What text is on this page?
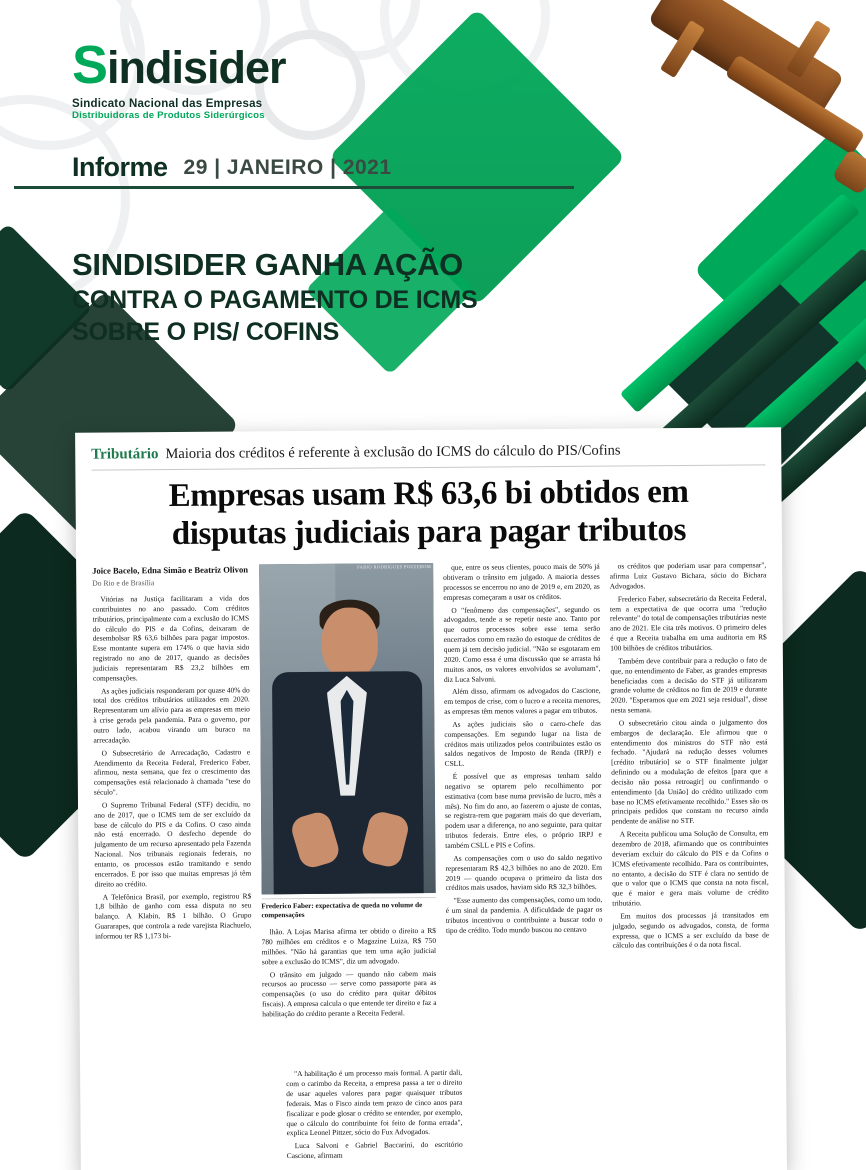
Sindisider
Sindicato Nacional das Empresas
Distribuidoras de Produtos Siderúrgicos
Informe 29 | JANEIRO | 2021
SINDISIDER GANHA AÇÃO
CONTRA O PAGAMENTO DE ICMS
SOBRE O PIS/ COFINS
Tributário Maioria dos créditos é referente à exclusão do ICMS do cálculo do PIS/Cofins
Empresas usam R$ 63,6 bi obtidos em
disputas judiciais para pagar tributos
Joice Bacelo, Edna Simão e Beatriz Olivon
Do Rio e de Brasília

Vitórias na Justiça facilitaram a vida dos contribuintes no ano passado. Com créditos tributários, principalmente com a exclusão do ICMS do cálculo do PIS e da Cofins, deixaram de desembolsar R$ 63,6 bilhões para pagar impostos. Esse montante supera em 174% o que havia sido registrado no ano de 2017, quando as decisões judiciais representaram R$ 23,2 bilhões em compensações.

As ações judiciais responderam por quase 40% do total dos créditos tributários utilizados em 2020. Representaram um alívio para as empresas em meio à crise gerada pela pandemia. Para o governo, por outro lado, acabou virando um buraco na arrecadação.

O Subsecretário de Arrecadação, Cadastro e Atendimento da Receita Federal, Frederico Faber, afirmou, nesta semana, que fez o crescimento das compensações está relacionado à chamada "tese do século".

O Supremo Tribunal Federal (STF) decidiu, no ano de 2017, que o ICMS tem de ser excluído da base de cálculo do PIS e da Cofins. O caso ainda não está encerrado. O desfecho depende do julgamento de um recurso apresentado pela Fazenda Nacional. Nos tribunais regionais federais, no entanto, os processos estão tramitando e sendo encerrados. E por isso que muitas empresas já têm direito ao crédito.

A Telefônica Brasil, por exemplo, registrou R$ 1,8 bilhão de ganho com essa disputa no seu balanço. A Klabin, R$ 1 bilhão. O Grupo Guararapes, que controla a rede varejista Riachuelo, informou ter R$ 1,173 bi-

FABIO RODRIGUES POZZEBOM
Frederico Faber: expectativa de queda no volume de compensações

lhão. A Lojas Marisa afirma ter obtido o direito a R$ 780 milhões em créditos e o Magazine Luiza, R$ 750 milhões. "Não há garantias que tem uma ação judicial sobre a exclusão do ICMS", diz um advogado.

O trânsito em julgado — quando não cabem mais recursos ao processo — serve como passaporte para as compensações (o uso do crédito para quitar débitos fiscais). A empresa calcula o que entende ter direito e faz a habilitação do crédito perante a Receita Federal.

que, entre os seus clientes, pouco mais de 50% já obtiveram o trânsito em julgado. A maioria desses processos se encerrou no ano de 2019 e, em 2020, as empresas começaram a usar os créditos.

O "fenômeno das compensações", segundo os advogados, tende a se repetir neste ano. Tanto por que outros processos sobre esse tema serão encerrados como em razão do estoque de créditos de quem já tem decisão judicial. "Não se esgotaram em 2020. Como essa é uma discussão que se arrasta há muitos anos, os valores envolvidos se avolumam", diz Luca Salvoni.

Além disso, afirmam os advogados do Cascione, em tempos de crise, com o lucro e a receita menores, as empresas têm menos valores a pagar em tributos.

As ações judiciais são o carro-chefe das compensações. Em segundo lugar na lista de créditos mais utilizados pelos contribuintes estão os saldos negativos de Imposto de Renda (IRPJ) e CSLL.

É possível que as empresas tenham saldo negativo se optarem pelo recolhimento por estimativa (com base numa previsão de lucro, mês a mês). No fim do ano, ao fazerem o ajuste de contas, se registra-rem que pagaram mais do que deveriam, podem usar a diferença, no ano seguinte, para quitar tributos federais. Entre eles, o próprio IRPJ e também CSLL e PIS e Cofins.

As compensações com o uso do saldo negativo representaram R$ 42,3 bilhões no ano de 2020. Em 2019 — quando ocupava o primeiro da lista dos créditos mais usados, haviam sido R$ 32,3 bilhões.

"Esse aumento das compensações, como um todo, é um sinal da pandemia. A dificuldade de pagar os tributos incentivou o contribuinte a buscar todo o tipo de crédito. Todo mundo buscou no centavo

os créditos que poderiam usar para compensar", afirma Luiz Gustavo Bichara, sócio do Bichara Advogados.

Frederico Faber, subsecretário da Receita Federal, tem a expectativa de que ocorra uma "redução relevante" do total de compensações tributárias neste ano de 2021. Ele cita três motivos. O primeiro deles é que a Receita trabalha em uma auditoria em R$ 100 bilhões de créditos tributários.

Também deve contribuir para a redução o fato de que, no entendimento de Faber, as grandes empresas beneficiadas com a decisão do STF já utilizaram grande volume de créditos no fim de 2019 e durante 2020. "Esperamos que em 2021 seja residual", disse nesta semana.

O subsecretário citou ainda o julgamento dos embargos de declaração. Ele afirmou que o entendimento dos ministros do STF não está fechado. "Ajudará na redução desses volumes [crédito tributário] se o STF finalmente julgar definindo ou a modulação de efeitos [para que a decisão não possa retroagir] ou confirmando o entendimento [da União] do crédito utilizado com base no ICMS efetivamente recolhido." Esses são os principais pedidos que constam no recurso ainda pendente de análise no STF.

A Receita publicou uma Solução de Consulta, em dezembro de 2018, afirmando que os contribuintes deveriam excluir do cálculo do PIS e da Cofins o ICMS efetivamente recolhido. Para os contribuintes, no entanto, a decisão do STF é clara no sentido de que o valor que o ICMS que consta na nota fiscal, que é maior e gera mais volume de crédito tributário.

Em muitos dos processos já transitados em julgado, segundo os advogados, consta, de forma expressa, que o ICMS a ser excluído da base de cálculo das contribuições é o da nota fiscal.

"A habilitação é um processo mais formal. A partir dali, com o carimbo da Receita, a empresa passa a ter o direito de usar aqueles valores para pagar quaisquer tributos federais. Mas o Fisco ainda tem prazo de cinco anos para fiscalizar e pode glosar o crédito se entender, por exemplo, que o cálculo do contribuinte foi feito de forma errada", explica Leonel Pittzer, sócio do Fux Advogados.

Luca Salvoni e Gabriel Baccarini, do escritório Cascione, afirmam
